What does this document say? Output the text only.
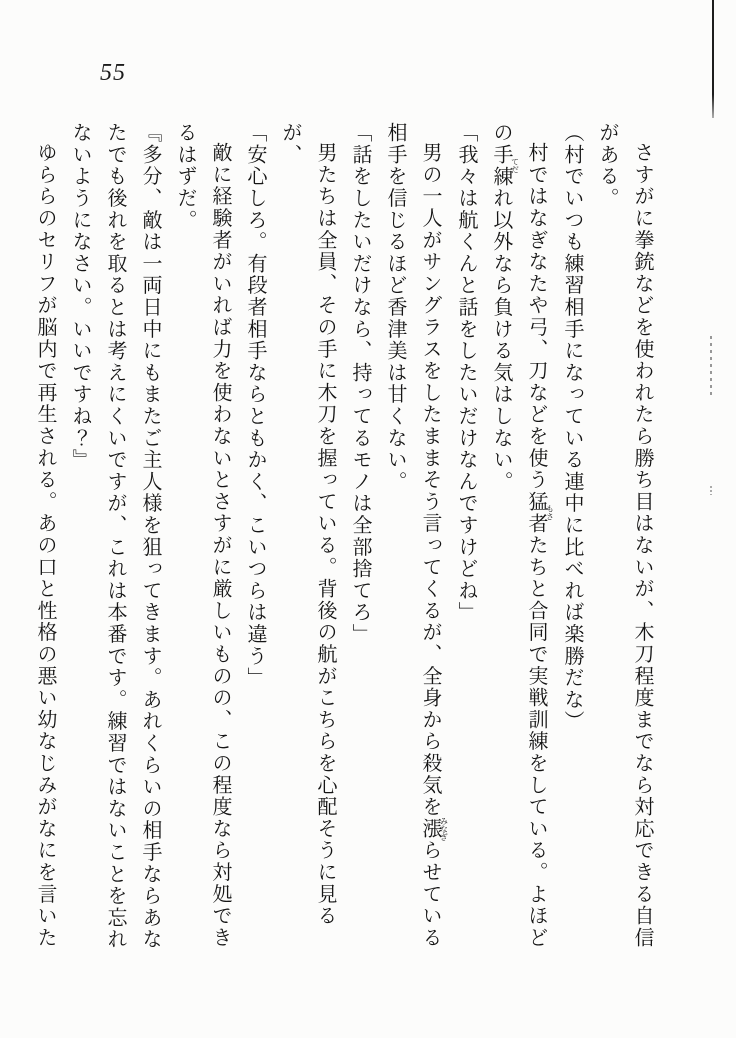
55

さすがに拳銃などを使われたら勝ち目はないが、木刀程度までなら対応できる自信がある。

（村でいつも練習相手になっている連中に比べれば楽勝だな）

村ではなぎなたや弓、刀などを使う猛者もさたちと合同で実戦訓練をしている。よほどの手練てだれ以外なら負ける気はしない。

「我々は航くんと話をしたいだけなんですけどね」

男の一人がサングラスをしたままそう言ってくるが、全身から殺気を漲みなぎらせている相手を信じるほど香津美は甘くない。

「話をしたいだけなら、持ってるモノは全部捨てろ」

男たちは全員、その手に木刀を握っている。背後の航がこちらを心配そうに見るが、

「安心しろ。有段者相手ならともかく、こいつらは違う」

敵に経験者がいれば力を使わないとさすがに厳しいものの、この程度なら対処できるはずだ。

『多分、敵は一両日中にもまたご主人様を狙ってきます。あれくらいの相手ならあなたでも後れを取るとは考えにくいですが、これは本番です。練習ではないことを忘れないようになさい。いいですね？』

ゆららのセリフが脳内で再生される。あの口と性格の悪い幼なじみがなにを言いた
